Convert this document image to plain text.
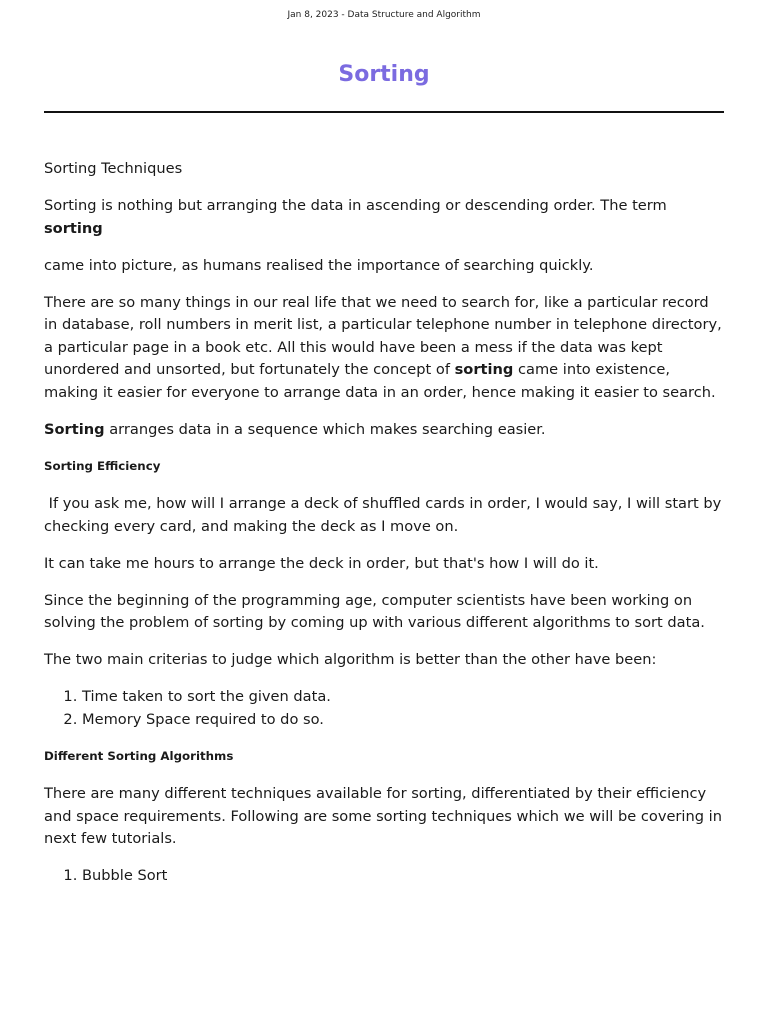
Jan 8, 2023 - Data Structure and Algorithm
Sorting

Sorting Techniques

Sorting is nothing but arranging the data in ascending or descending order. The term
sorting

came into picture, as humans realised the importance of searching quickly.

There are so many things in our real life that we need to search for, like a particular record in database, roll numbers in merit list, a particular telephone number in telephone directory, a particular page in a book etc. All this would have been a mess if the data was kept unordered and unsorted, but fortunately the concept of sorting came into existence, making it easier for everyone to arrange data in an order, hence making it easier to search.

Sorting arranges data in a sequence which makes searching easier.

Sorting Efficiency

If you ask me, how will I arrange a deck of shuffled cards in order, I would say, I will start by checking every card, and making the deck as I move on.

It can take me hours to arrange the deck in order, but that's how I will do it.

Since the beginning of the programming age, computer scientists have been working on solving the problem of sorting by coming up with various different algorithms to sort data.

The two main criterias to judge which algorithm is better than the other have been:

1. Time taken to sort the given data.
2. Memory Space required to do so.
Different Sorting Algorithms

There are many different techniques available for sorting, differentiated by their efficiency and space requirements. Following are some sorting techniques which we will be covering in next few tutorials.

1. Bubble Sort
